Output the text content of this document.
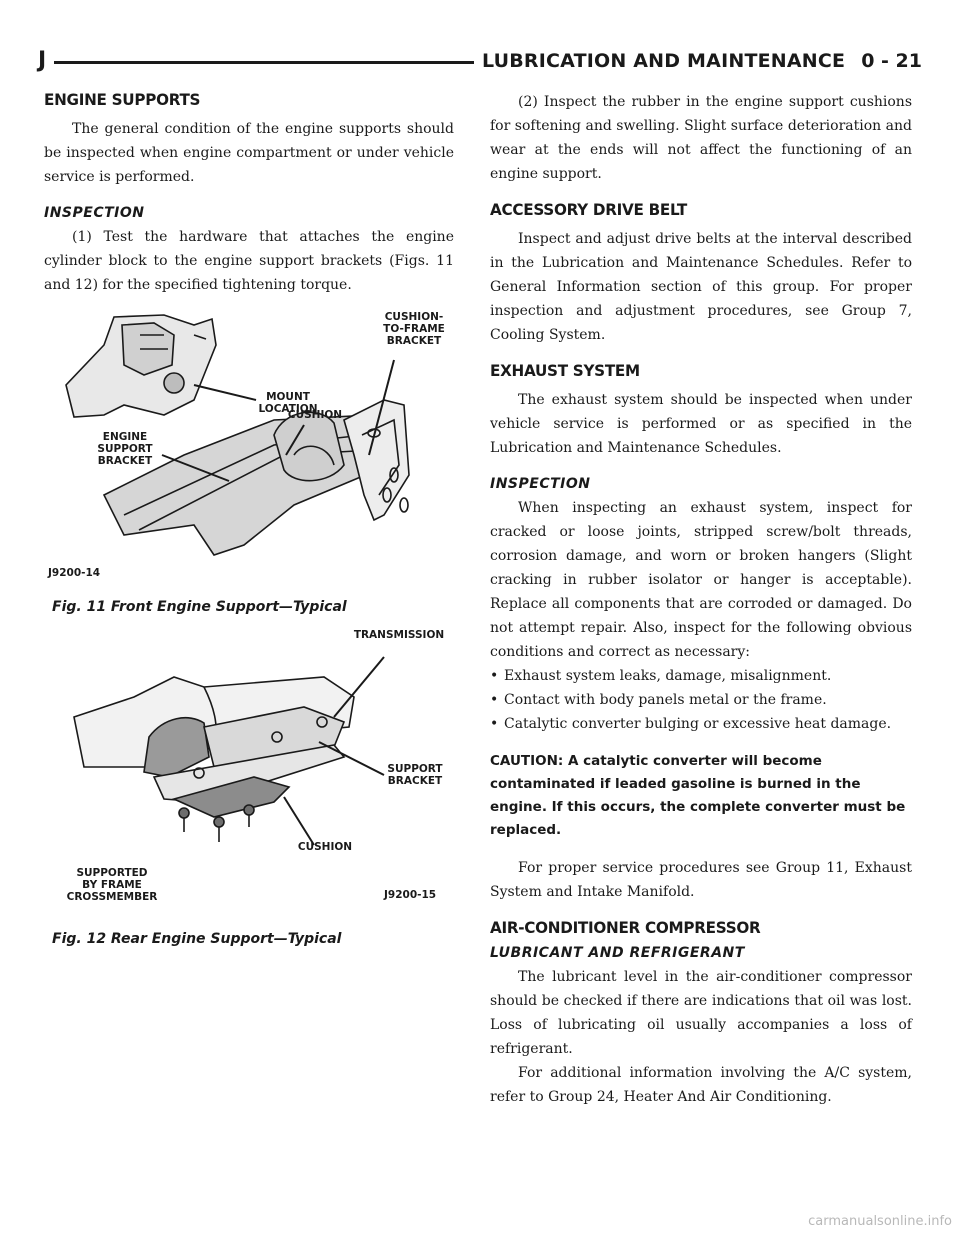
J	LUBRICATION AND MAINTENANCE 0 - 21
ENGINE SUPPORTS

The general condition of the engine supports should be inspected when engine compartment or under vehicle service is performed.

INSPECTION

(1) Test the hardware that attaches the engine cylinder block to the engine support brackets (Figs. 11 and 12) for the specified tightening torque.

CUSHION-
TO-FRAME
BRACKET
MOUNT
LOCATION
ENGINE
SUPPORT
BRACKET
CUSHION
J9200-14
Fig. 11 Front Engine Support—Typical
TRANSMISSION
SUPPORT
BRACKET
CUSHION
SUPPORTED
BY FRAME
CROSSMEMBER	J9200-15
Fig. 12 Rear Engine Support—Typical

(2) Inspect the rubber in the engine support cushions for softening and swelling. Slight surface deterioration and wear at the ends will not affect the functioning of an engine support.

ACCESSORY DRIVE BELT

Inspect and adjust drive belts at the interval described in the Lubrication and Maintenance Schedules. Refer to General Information section of this group. For proper inspection and adjustment procedures, see Group 7, Cooling System.

EXHAUST SYSTEM

The exhaust system should be inspected when under vehicle service is performed or as specified in the Lubrication and Maintenance Schedules.

INSPECTION

When inspecting an exhaust system, inspect for cracked or loose joints, stripped screw/bolt threads, corrosion damage, and worn or broken hangers (Slight cracking in rubber isolator or hanger is acceptable). Replace all components that are corroded or damaged. Do not attempt repair. Also, inspect for the following obvious conditions and correct as necessary:

• Exhaust system leaks, damage, misalignment.
• Contact with body panels metal or the frame.
• Catalytic converter bulging or excessive heat damage.

CAUTION: A catalytic converter will become contaminated if leaded gasoline is burned in the engine. If this occurs, the complete converter must be replaced.

For proper service procedures see Group 11, Exhaust System and Intake Manifold.

AIR-CONDITIONER COMPRESSOR
LUBRICANT AND REFRIGERANT

The lubricant level in the air-conditioner compressor should be checked if there are indications that oil was lost. Loss of lubricating oil usually accompanies a loss of refrigerant.

For additional information involving the A/C system, refer to Group 24, Heater And Air Conditioning.

carmanualsonline.info
